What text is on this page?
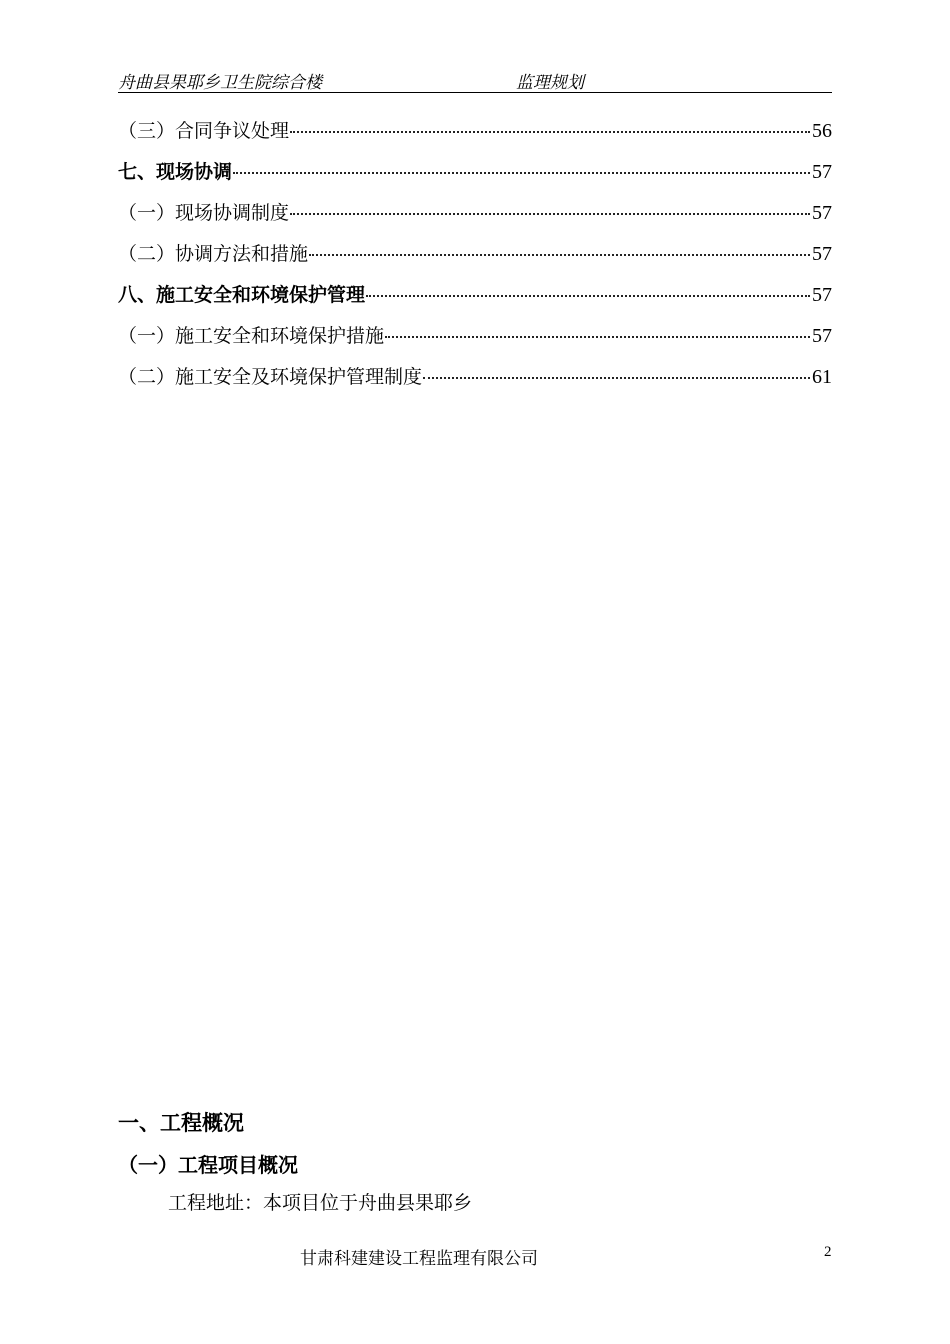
舟曲县果耶乡卫生院综合楼	监理规划
（三）合同争议处理	56
七、现场协调	57
（一）现场协调制度	57
（二）协调方法和措施	57
八、施工安全和环境保护管理	57
（一）施工安全和环境保护措施	57
（二）施工安全及环境保护管理制度	61
一、工程概况
（一）工程项目概况
工程地址：本项目位于舟曲县果耶乡
甘肃科建建设工程监理有限公司	2
